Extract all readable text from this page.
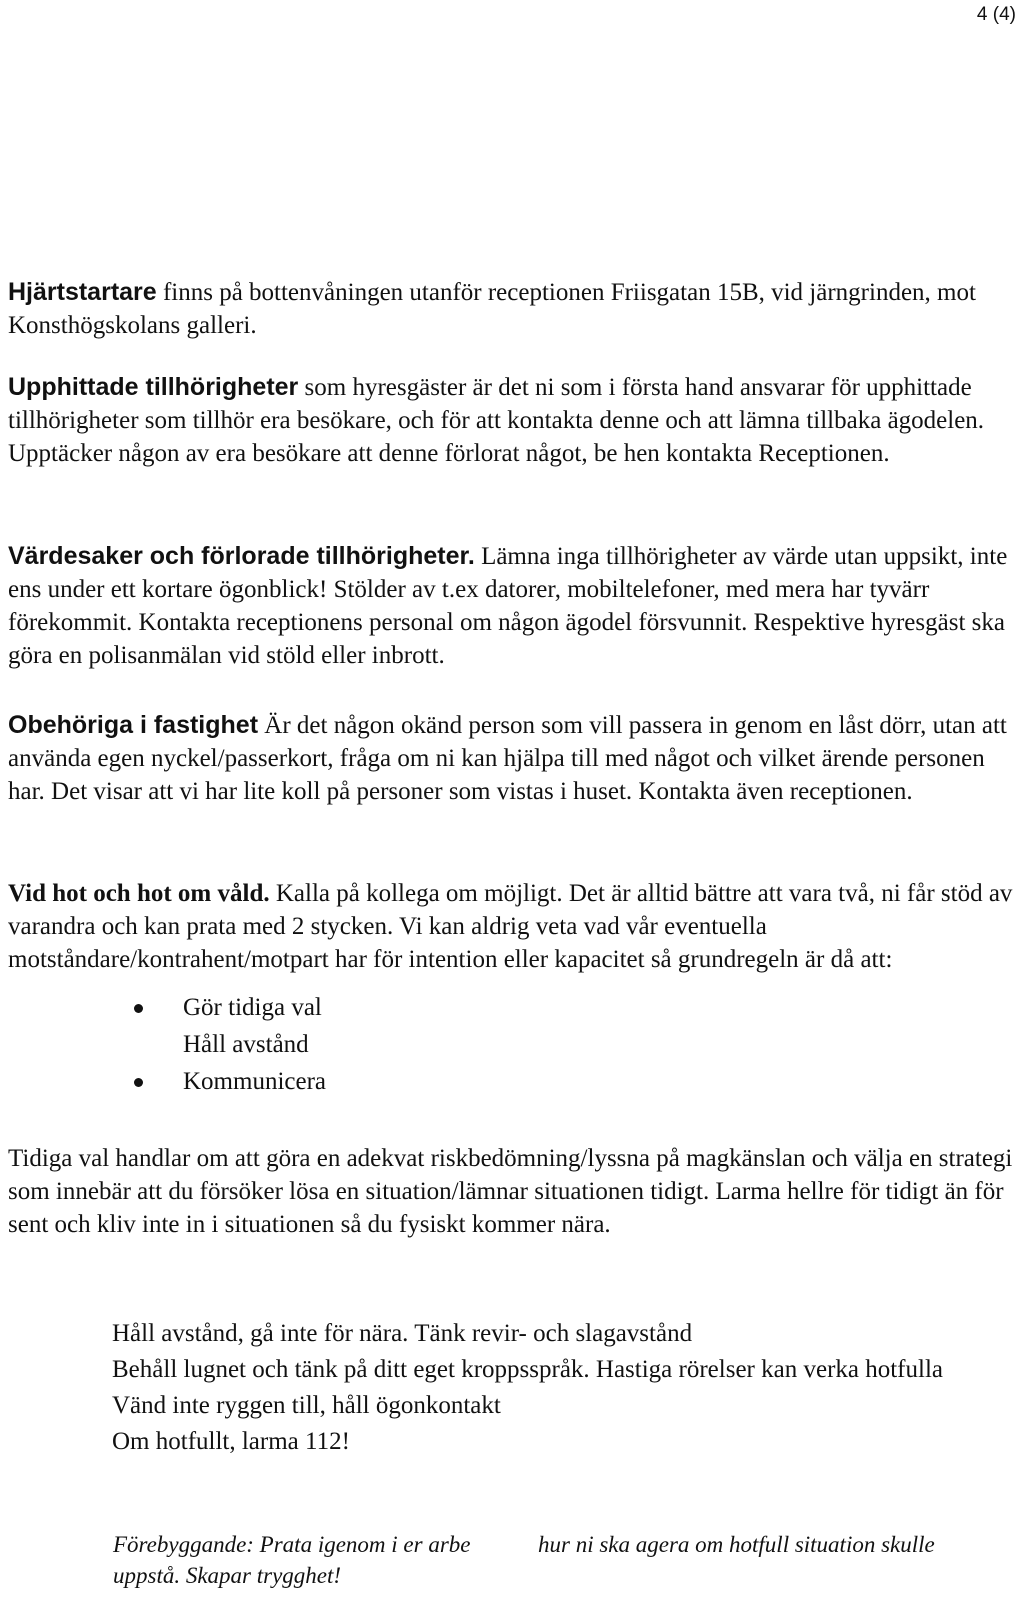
4 (4)

Hjärtstartare finns på bottenvåningen utanför receptionen Friisgatan 15B, vid järngrinden, mot Konsthögskolans galleri.

Upphittade tillhörigheter som hyresgäster är det ni som i första hand ansvarar för upphittade tillhörigheter som tillhör era besökare, och för att kontakta denne och att lämna tillbaka ägodelen. Upptäcker någon av era besökare att denne förlorat något, be hen kontakta Receptionen.

Värdesaker och förlorade tillhörigheter. Lämna inga tillhörigheter av värde utan uppsikt, inte ens under ett kortare ögonblick! Stölder av t.ex datorer, mobiltelefoner, med mera har tyvärr förekommit. Kontakta receptionens personal om någon ägodel försvunnit. Respektive hyresgäst ska göra en polisanmälan vid stöld eller inbrott.

Obehöriga i fastighet Är det någon okänd person som vill passera in genom en låst dörr, utan att använda egen nyckel/passerkort, fråga om ni kan hjälpa till med något och vilket ärende personen har. Det visar att vi har lite koll på personer som vistas i huset. Kontakta även receptionen.

Vid hot och hot om våld. Kalla på kollega om möjligt. Det är alltid bättre att vara två, ni får stöd av varandra och kan prata med 2 stycken. Vi kan aldrig veta vad vår eventuella motståndare/kontrahent/motpart har för intention eller kapacitet så grundregeln är då att:

Gör tidiga val
Håll avstånd
Kommunicera

Tidiga val handlar om att göra en adekvat riskbedömning/lyssna på magkänslan och välja en strategi som innebär att du försöker lösa en situation/lämnar situationen tidigt. Larma hellre för tidigt än för sent och kliv inte in i situationen så du fysiskt kommer nära.

Håll avstånd, gå inte för nära. Tänk revir- och slagavstånd

Behåll lugnet och tänk på ditt eget kroppsspråk. Hastiga rörelser kan verka hotfulla

Vänd inte ryggen till, håll ögonkontakt

Om hotfullt, larma 112!

Förebyggande: Prata igenom i er arbe uppstå. Skapar trygghet!
hur ni ska agera om hotfull situation skulle
